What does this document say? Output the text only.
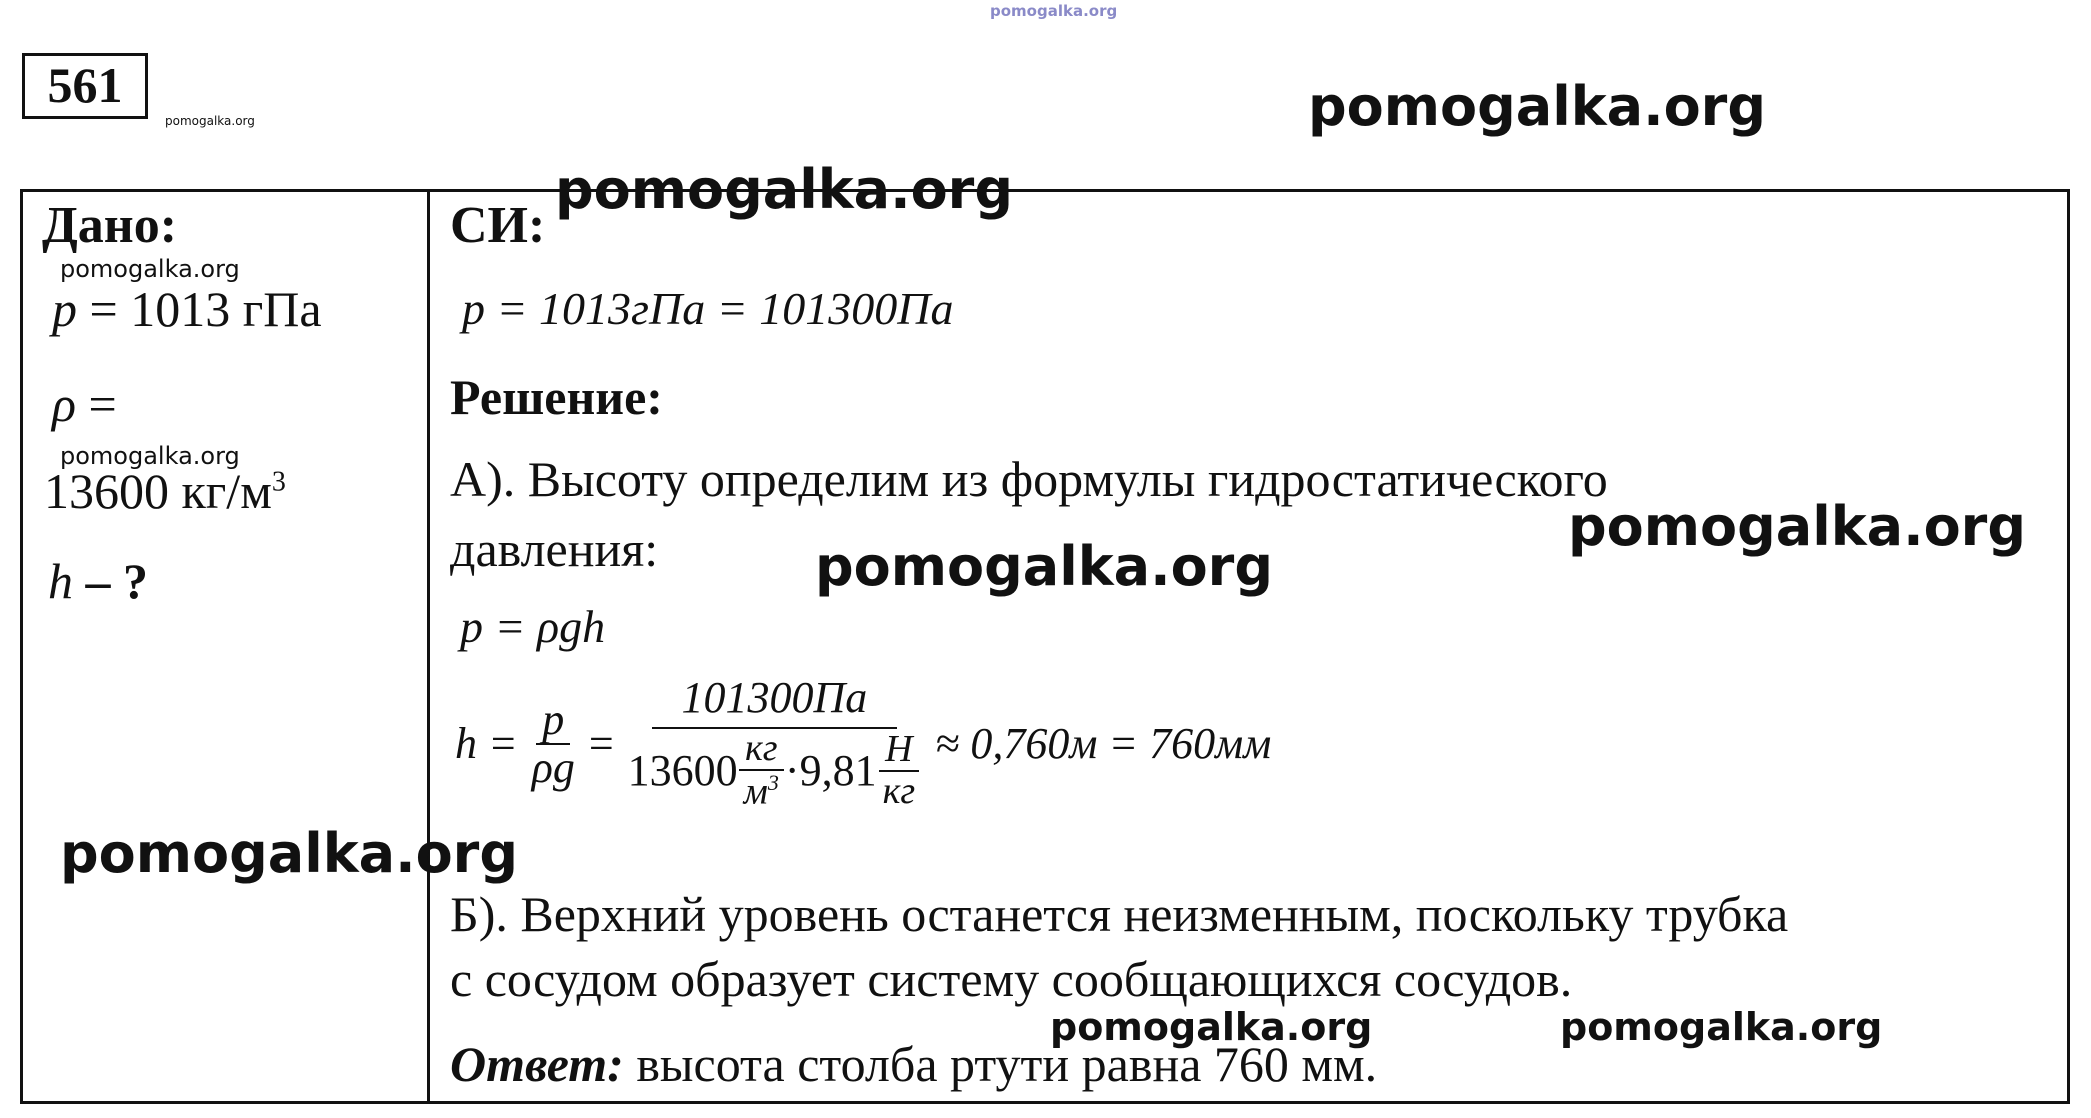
pomogalka.org
561
pomogalka.org	pomogalka.org
Дано:
pomogalka.org
p = 1013 гПа
ρ =
pomogalka.org
13600 $кг/м^3$
h – ?
СИ:
pomogalka.org
p = 1013гПа = 101300Па
Решение:
А). Высоту определим из формулы гидростатического
давления:	pomogalka.org
pomogalka.org
p = ρgh
$h = \frac{p}{\rho g}$ =
101300Па
$13600 \frac{кг}{м^3} \cdot 9,81 \frac{Н}{кг} \approx 0,760м = 760мм$
pomogalka.org
Б). Верхний уровень останется неизменным, поскольку трубка
с сосудом образует систему сообщающихся сосудов.
pomogalka.org	pomogalka.org
Ответ: высота столба ртути равна 760 мм.
